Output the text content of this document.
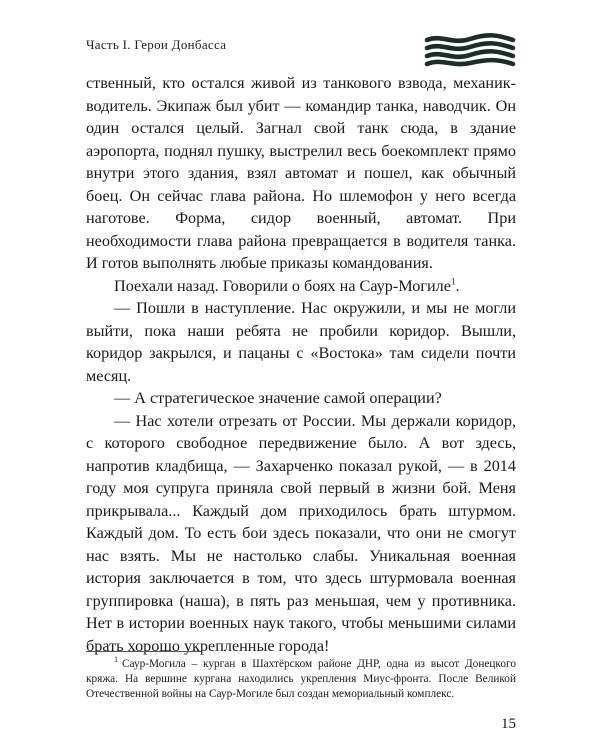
Часть I. Герои Донбасса

ственный, кто остался живой из танкового взвода, механик-водитель. Экипаж был убит — командир танка, наводчик. Он один остался целый. Загнал свой танк сюда, в здание аэропорта, поднял пушку, выстрелил весь боекомплект прямо внутри этого здания, взял автомат и пошел, как обычный боец. Он сейчас глава района. Но шлемофон у него всегда наготове. Форма, сидор военный, автомат. При необходимости глава района превращается в водителя танка. И готов выполнять любые приказы командования.

Поехали назад. Говорили о боях на Саур-Могиле$^1$.

— Пошли в наступление. Нас окружили, и мы не могли выйти, пока наши ребята не пробили коридор. Вышли, коридор закрылся, и пацаны с «Востока» там сидели почти месяц.

— А стратегическое значение самой операции?

— Нас хотели отрезать от России. Мы держали коридор, с которого свободное передвижение было. А вот здесь, напротив кладбища, — Захарченко показал рукой, — в 2014 году моя супруга приняла свой первый в жизни бой. Меня прикрывала... Каждый дом приходилось брать штурмом. Каждый дом. То есть бои здесь показали, что они не смогут нас взять. Мы не настолько слабы. Уникальная военная история заключается в том, что здесь штурмовала военная группировка (наша), в пять раз меньшая, чем у противника. Нет в истории военных наук такого, чтобы меньшими силами брать хорошо укрепленные города!

$^1$ Саур-Могила – курган в Шахтёрском районе ДНР, одна из высот Донецкого кряжа. На вершине кургана находились укрепления Миус-фронта. После Великой Отечественной войны на Саур-Могиле был создан мемориальный комплекс.

15
